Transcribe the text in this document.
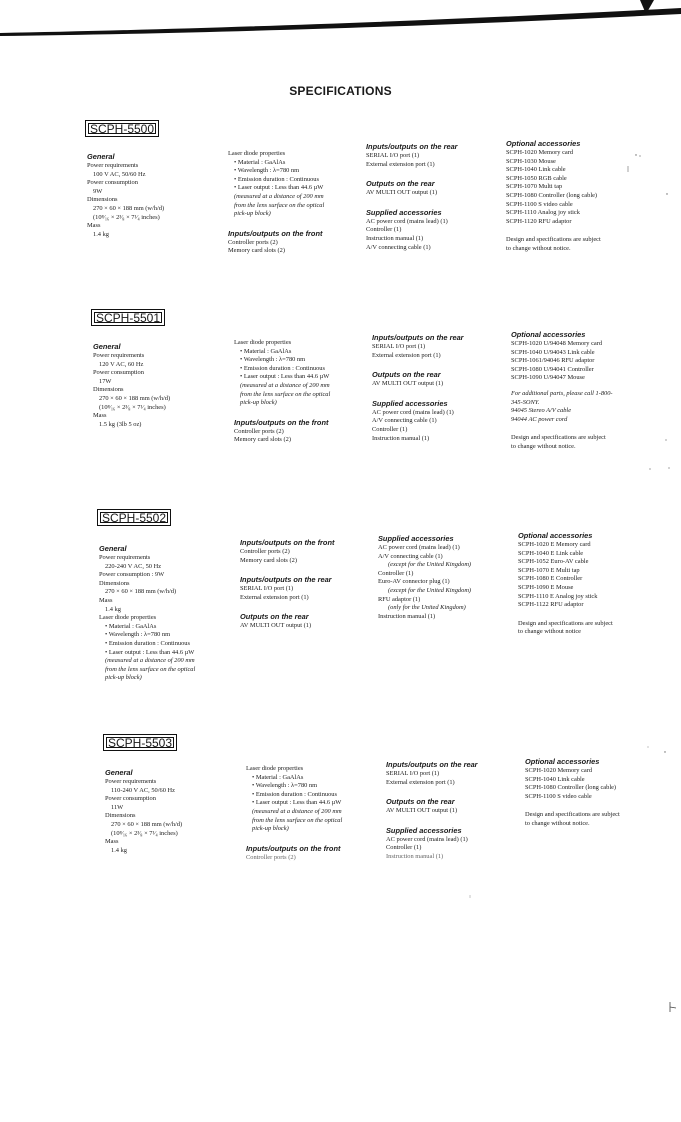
SPECIFICATIONS
SCPH-5500
General
Power requirements
100 V AC, 50/60 Hz
Power consumption
9W
Dimensions
270 × 60 × 188 mm (w/h/d)
(10⁸⁄₁₆ × 2³⁄₈ × 7¹⁄₄ inches)
Mass
1.4 kg
Laser diode properties
• Material : GaAlAs
• Wavelength : λ=780 nm
• Emission duration : Continuous
• Laser output : Less than 44.6 µW
(measured at a distance of 200 mm
from the lens surface on the optical
pick-up block)
Inputs/outputs on the front
Controller ports (2)
Memory card slots (2)
Inputs/outputs on the rear
SERIAL I/O port (1)
External extension port (1)
Outputs on the rear
AV MULTI OUT output (1)
Supplied accessories
AC power cord (mains lead) (1)
Controller (1)
Instruction manual (1)
A/V connecting cable (1)
Optional accessories
SCPH-1020 Memory card
SCPH-1030 Mouse
SCPH-1040 Link cable
SCPH-1050 RGB cable
SCPH-1070 Multi tap
SCPH-1080 Controller (long cable)
SCPH-1100 S video cable
SCPH-1110 Analog joy stick
SCPH-1120 RFU adaptor
Design and specifications are subject
to change without notice.
SCPH-5501
General
Power requirements
120 V AC, 60 Hz
Power consumption
17W
Dimensions
270 × 60 × 188 mm (w/h/d)
(10⁸⁄₁₆ × 2³⁄₈ × 7¹⁄₄ inches)
Mass
1.5 kg (3lb 5 oz)
Laser diode properties
• Material : GaAlAs
• Wavelength : λ=780 nm
• Emission duration : Continuous
• Laser output : Less than 44.6 µW
(measured at a distance of 200 mm
from the lens surface on the optical
pick-up block)
Inputs/outputs on the front
Controller ports (2)
Memory card slots (2)
Inputs/outputs on the rear
SERIAL I/O port (1)
External extension port (1)
Outputs on the rear
AV MULTI OUT output (1)
Supplied accessories
AC power cord (mains lead) (1)
A/V connecting cable (1)
Controller (1)
Instruction manual (1)
Optional accessories
SCPH-1020 U/94048 Memory card
SCPH-1040 U/94043 Link cable
SCPH-1061/94046 RFU adaptor
SCPH-1080 U/94041 Controller
SCPH-1090 U/94047 Mouse
For additional parts, please call 1-800-
345-SONY.
94045 Stereo A/V cable
94044 AC power cord
Design and specifications are subject
to change without notice.
SCPH-5502
General
Power requirements
220-240 V AC, 50 Hz
Power consumption : 9W
Dimensions
270 × 60 × 188 mm (w/h/d)
Mass
1.4 kg
Laser diode properties
• Material : GaAlAs
• Wavelength : λ=780 nm
• Emission duration : Continuous
• Laser output : Less than 44.6 µW
(measured at a distance of 200 mm
from the lens surface on the optical
pick-up block)
Inputs/outputs on the front
Controller ports (2)
Memory card slots (2)
Inputs/outputs on the rear
SERIAL I/O port (1)
External extension port (1)
Outputs on the rear
AV MULTI OUT output (1)
Supplied accessories
AC power cord (mains lead) (1)
A/V connecting cable (1)
(except for the United Kingdom)
Controller (1)
Euro-AV connector plug (1)
(except for the United Kingdom)
RFU adaptor (1)
(only for the United Kingdom)
Instruction manual (1)
Optional accessories
SCPH-1020 E Memory card
SCPH-1040 E Link cable
SCPH-1052 Euro-AV cable
SCPH-1070 E Multi tap
SCPH-1080 E Controller
SCPH-1090 E Mouse
SCPH-1110 E Analog joy stick
SCPH-1122 RFU adaptor
Design and specifications are subject
to change without notice
SCPH-5503
General
Power requirements
110-240 V AC, 50/60 Hz
Power consumption
11W
Dimensions
270 × 60 × 188 mm (w/h/d)
(10⁸⁄₁₆ × 2³⁄₈ × 7¹⁄₄ inches)
Mass
1.4 kg
Laser diode properties
• Material : GaAlAs
• Wavelength : λ=780 nm
• Emission duration : Continuous
• Laser output : Less than 44.6 µW
(measured at a distance of 200 mm
from the lens surface on the optical
pick-up block)
Inputs/outputs on the front
Controller ports (2)
Inputs/outputs on the rear
SERIAL I/O port (1)
External extension port (1)
Outputs on the rear
AV MULTI OUT output (1)
Supplied accessories
AC power cord (mains lead) (1)
Controller (1)
Instruction manual (1)
Optional accessories
SCPH-1020 Memory card
SCPH-1040 Link cable
SCPH-1080 Controller (long cable)
SCPH-1100 S video cable
Design and specifications are subject
to change without notice.
